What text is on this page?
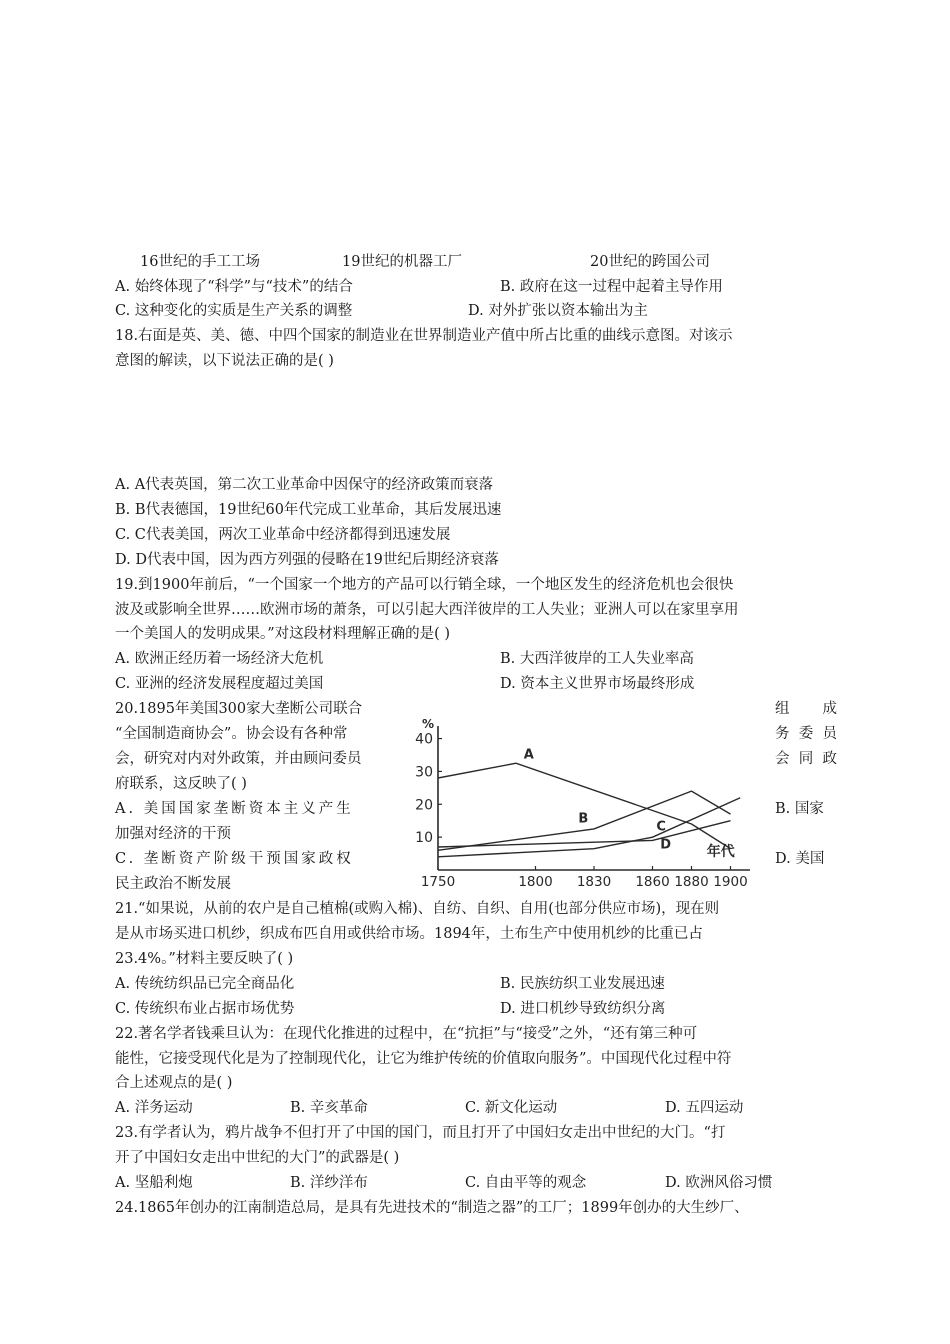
16世纪的手工工场	19世纪的机器工厂	20世纪的跨国公司
A. 始终体现了“科学”与“技术”的结合	B. 政府在这一过程中起着主导作用
C. 这种变化的实质是生产关系的调整	D. 对外扩张以资本输出为主
18.右面是英、美、德、中四个国家的制造业在世界制造业产值中所占比重的曲线示意图。对该示
意图的解读，以下说法正确的是( )
A. A代表英国，第二次工业革命中因保守的经济政策而衰落
B. B代表德国，19世纪60年代完成工业革命，其后发展迅速
C. C代表美国，两次工业革命中经济都得到迅速发展
D. D代表中国，因为西方列强的侵略在19世纪后期经济衰落
19.到1900年前后，“一个国家一个地方的产品可以行销全球，一个地区发生的经济危机也会很快
波及或影响全世界……欧洲市场的萧条，可以引起大西洋彼岸的工人失业；亚洲人可以在家里享用
一个美国人的发明成果。”对这段材料理解正确的是( )
A. 欧洲正经历着一场经济大危机	B. 大西洋彼岸的工人失业率高
C. 亚洲的经济发展程度超过美国	D. 资本主义世界市场最终形成
20.1895年美国300家大垄断公司联合
“全国制造商协会”。协会设有各种常
会，研究对内对外政策，并由顾问委员
府联系，这反映了( )
A. 美国国家垄断资本主义产生
加强对经济的干预
C. 垄断资产阶级干预国家政权
民主政治不断发展
组 成
务 委 员
会 同 政
B. 国家
D. 美国
10
20
30
40
%
1750	1800 1830 1860 1880 1900
年代
A
B
C
D
21.“如果说，从前的农户是自己植棉(或购入棉)、自纺、自织、自用(也部分供应市场)，现在则
是从市场买进口机纱，织成布匹自用或供给市场。1894年，土布生产中使用机纱的比重已占
23.4%。”材料主要反映了( )
A. 传统纺织品已完全商品化	B. 民族纺织工业发展迅速
C. 传统织布业占据市场优势	D. 进口机纱导致纺织分离
22.著名学者钱乘旦认为：在现代化推进的过程中，在“抗拒”与“接受”之外，“还有第三种可
能性，它接受现代化是为了控制现代化，让它为维护传统的价值取向服务”。中国现代化过程中符
合上述观点的是( )
A. 洋务运动	B. 辛亥革命	C. 新文化运动	D. 五四运动
23.有学者认为，鸦片战争不但打开了中国的国门，而且打开了中国妇女走出中世纪的大门。“打
开了中国妇女走出中世纪的大门”的武器是( )
A. 坚船利炮	B. 洋纱洋布	C. 自由平等的观念	D. 欧洲风俗习惯
24.1865年创办的江南制造总局，是具有先进技术的“制造之器”的工厂；1899年创办的大生纱厂、
